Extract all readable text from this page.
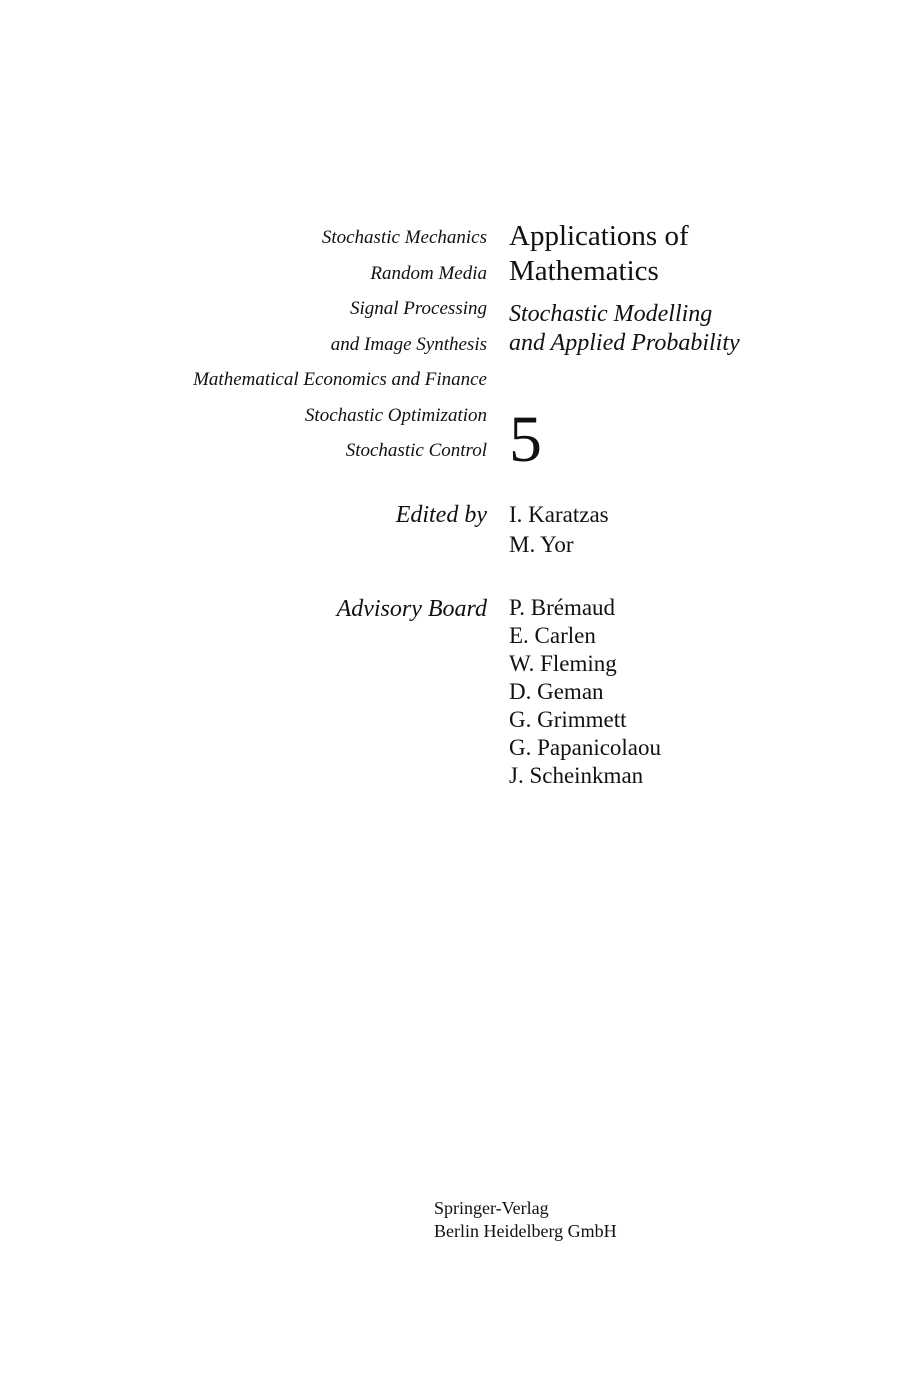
Stochastic Mechanics
Random Media
Signal Processing
and Image Synthesis
Mathematical Economics and Finance
Stochastic Optimization
Stochastic Control
Applications of
Mathematics
Stochastic Modelling
and Applied Probability
5
Edited by I. Karatzas
M. Yor
Advisory Board P. Brémaud
E. Carlen
W. Fleming
D. Geman
G. Grimmett
G. Papanicolaou
J. Scheinkman
Springer-Verlag
Berlin Heidelberg GmbH
